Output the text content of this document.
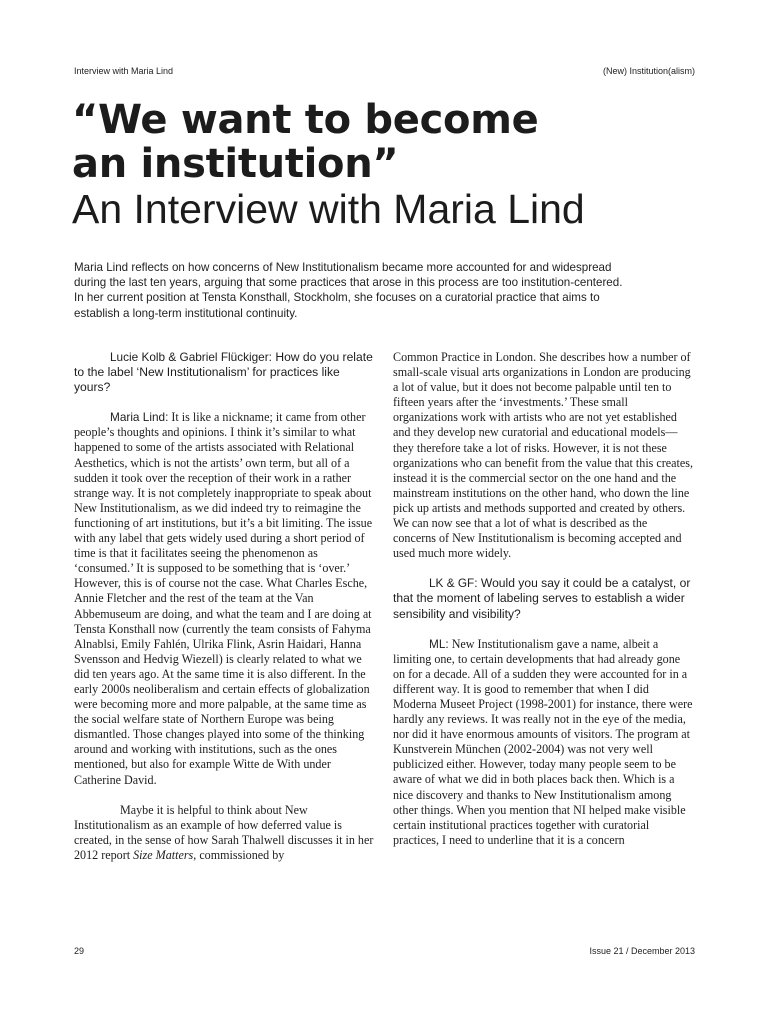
Interview with Maria Lind	(New) Institution(alism)
“We want to become
an institution”
An Interview with Maria Lind

Maria Lind reflects on how concerns of New Institutionalism became more accounted for and widespread during the last ten years, arguing that some practices that arose in this process are too institution-centered. In her current position at Tensta Konsthall, Stockholm, she focuses on a curatorial practice that aims to establish a long-term institutional continuity.

Lucie Kolb & Gabriel Flückiger: How do you relate to the label ‘New Institutionalism’ for practices like yours?

Maria Lind: It is like a nickname; it came from other people’s thoughts and opinions. I think it’s similar to what happened to some of the artists associated with Relational Aesthetics, which is not the artists’ own term, but all of a sudden it took over the reception of their work in a rather strange way. It is not completely inappropriate to speak about New Institutionalism, as we did indeed try to reimagine the functioning of art institutions, but it’s a bit limiting. The issue with any label that gets widely used during a short period of time is that it facilitates seeing the phenomenon as ‘consumed.’ It is supposed to be something that is ‘over.’ However, this is of course not the case. What Charles Esche, Annie Fletcher and the rest of the team at the Van Abbemuseum are doing, and what the team and I are doing at Tensta Konsthall now (currently the team consists of Fahyma Alnablsi, Emily Fahlén, Ulrika Flink, Asrin Haidari, Hanna Svensson and Hedvig Wiezell) is clearly related to what we did ten years ago. At the same time it is also different. In the early 2000s neoliberalism and certain effects of globalization were becoming more and more palpable, at the same time as the social welfare state of Northern Europe was being dismantled. Those changes played into some of the thinking around and working with institutions, such as the ones mentioned, but also for example Witte de With under Catherine David.

Maybe it is helpful to think about New Institutionalism as an example of how deferred value is created, in the sense of how Sarah Thalwell discusses it in her 2012 report Size Matters, commissioned by

Common Practice in London. She describes how a number of small-scale visual arts organizations in London are producing a lot of value, but it does not become palpable until ten to fifteen years after the ‘investments.’ These small organizations work with artists who are not yet established and they develop new curatorial and educational models—they therefore take a lot of risks. However, it is not these organizations who can benefit from the value that this creates, instead it is the commercial sector on the one hand and the mainstream institutions on the other hand, who down the line pick up artists and methods supported and created by others. We can now see that a lot of what is described as the concerns of New Institutionalism is becoming accepted and used much more widely.

LK & GF: Would you say it could be a catalyst, or that the moment of labeling serves to establish a wider sensibility and visibility?

ML: New Institutionalism gave a name, albeit a limiting one, to certain developments that had already gone on for a decade. All of a sudden they were accounted for in a different way. It is good to remember that when I did Moderna Museet Project (1998-2001) for instance, there were hardly any reviews. It was really not in the eye of the media, nor did it have enormous amounts of visitors. The program at Kunstverein München (2002-2004) was not very well publicized either. However, today many people seem to be aware of what we did in both places back then. Which is a nice discovery and thanks to New Institutionalism among other things. When you mention that NI helped make visible certain institutional practices together with curatorial practices, I need to underline that it is a concern

29	Issue 21 / December 2013
